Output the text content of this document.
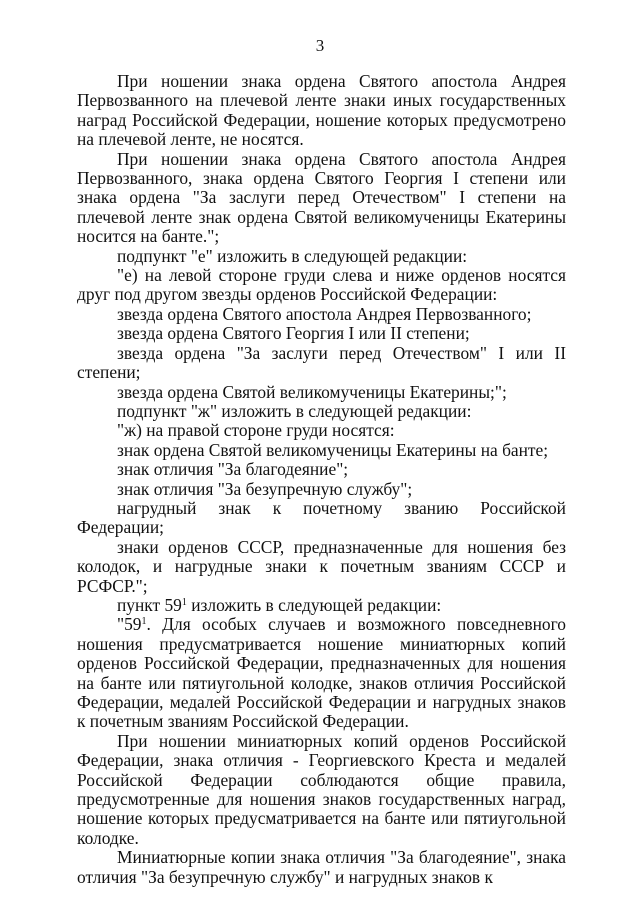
3

При ношении знака ордена Святого апостола Андрея Первозванного на плечевой ленте знаки иных государственных наград Российской Федерации, ношение которых предусмотрено на плечевой ленте, не носятся.

При ношении знака ордена Святого апостола Андрея Первозванного, знака ордена Святого Георгия I степени или знака ордена "За заслуги перед Отечеством" I степени на плечевой ленте знак ордена Святой великомученицы Екатерины носится на банте.";

подпункт "е" изложить в следующей редакции:

"е) на левой стороне груди слева и ниже орденов носятся друг под другом звезды орденов Российской Федерации:

звезда ордена Святого апостола Андрея Первозванного;

звезда ордена Святого Георгия I или II степени;

звезда ордена "За заслуги перед Отечеством" I или II степени;

звезда ордена Святой великомученицы Екатерины;";

подпункт "ж" изложить в следующей редакции:

"ж) на правой стороне груди носятся:

знак ордена Святой великомученицы Екатерины на банте;

знак отличия "За благодеяние";

знак отличия "За безупречную службу";

нагрудный знак к почетному званию Российской Федерации;

знаки орденов СССР, предназначенные для ношения без колодок, и нагрудные знаки к почетным званиям СССР и РСФСР.";

пункт $59^1$ изложить в следующей редакции:

"$59^1$. Для особых случаев и возможного повседневного ношения предусматривается ношение миниатюрных копий орденов Российской Федерации, предназначенных для ношения на банте или пятиугольной колодке, знаков отличия Российской Федерации, медалей Российской Федерации и нагрудных знаков к почетным званиям Российской Федерации.

При ношении миниатюрных копий орденов Российской Федерации, знака отличия - Георгиевского Креста и медалей Российской Федерации соблюдаются общие правила, предусмотренные для ношения знаков государственных наград, ношение которых предусматривается на банте или пятиугольной колодке.

Миниатюрные копии знака отличия "За благодеяние", знака отличия "За безупречную службу" и нагрудных знаков к
